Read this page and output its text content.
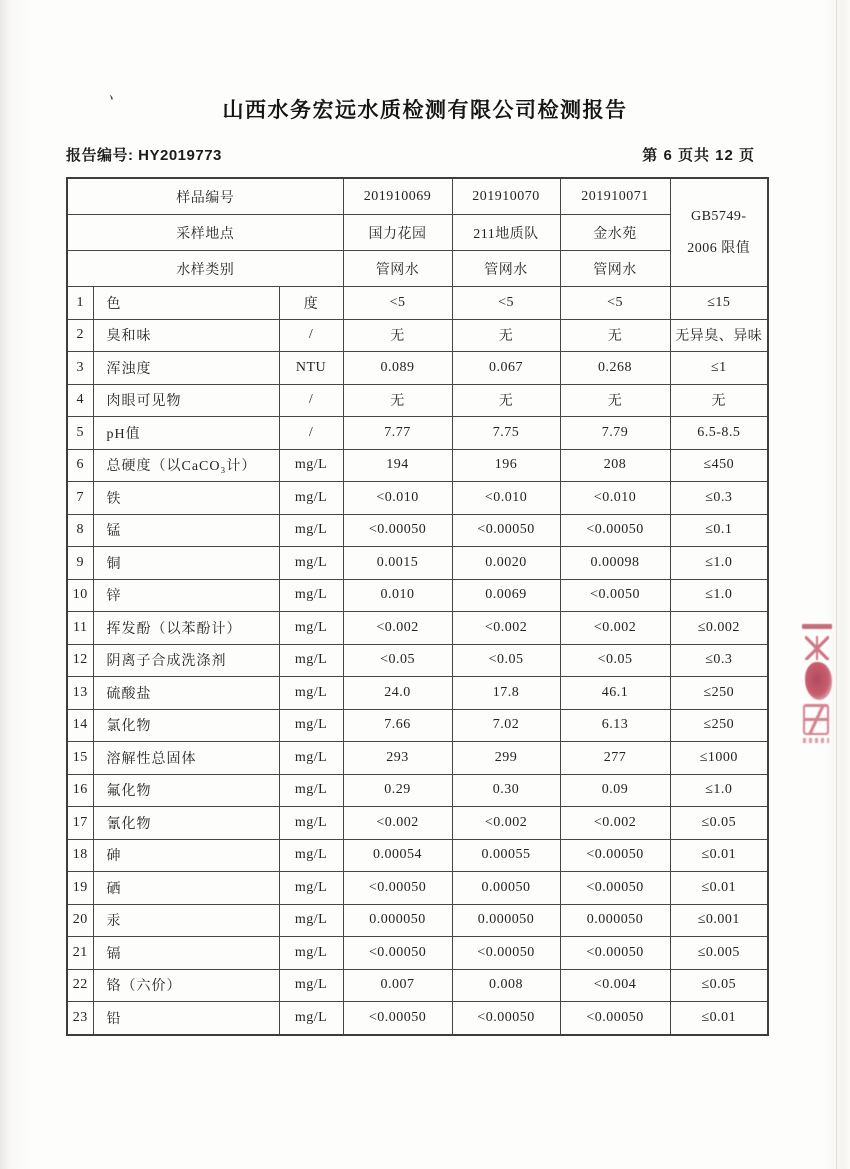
、
山西水务宏远水质检测有限公司检测报告
报告编号: HY2019773	第 6 页共 12 页
样品编号			201910069	201910070	201910071	GB5749-
2006 限值

采样地点			国力花园	211地质队	金水苑	
水样类别			管网水	管网水	管网水	
1	色	度	<5	<5	<5	≤15
2	臭和味	/	无	无	无	无异臭、异味
3	浑浊度	NTU	0.089	0.067	0.268	≤1
4	肉眼可见物	/	无	无	无	无
5	pH值	/	7.77	7.75	7.79	6.5-8.5
6	总硬度（以CaCO₃计）	mg/L	194	196	208	≤450
7	铁	mg/L	<0.010	<0.010	<0.010	≤0.3
8	锰	mg/L	<0.00050	<0.00050	<0.00050	≤0.1
9	铜	mg/L	0.0015	0.0020	0.00098	≤1.0
10	锌	mg/L	0.010	0.0069	<0.0050	≤1.0
11	挥发酚（以苯酚计）	mg/L	<0.002	<0.002	<0.002	≤0.002
12	阴离子合成洗涤剂	mg/L	<0.05	<0.05	<0.05	≤0.3
13	硫酸盐	mg/L	24.0	17.8	46.1	≤250
14	氯化物	mg/L	7.66	7.02	6.13	≤250
15	溶解性总固体	mg/L	293	299	277	≤1000
16	氟化物	mg/L	0.29	0.30	0.09	≤1.0
17	氰化物	mg/L	<0.002	<0.002	<0.002	≤0.05
18	砷	mg/L	0.00054	0.00055	<0.00050	≤0.01
19	硒	mg/L	<0.00050	0.00050	<0.00050	≤0.01
20	汞	mg/L	0.000050	0.000050	0.000050	≤0.001
21	镉	mg/L	<0.00050	<0.00050	<0.00050	≤0.005
22	铬（六价）	mg/L	0.007	0.008	<0.004	≤0.05
23	铅	mg/L	<0.00050	<0.00050	<0.00050	≤0.01
